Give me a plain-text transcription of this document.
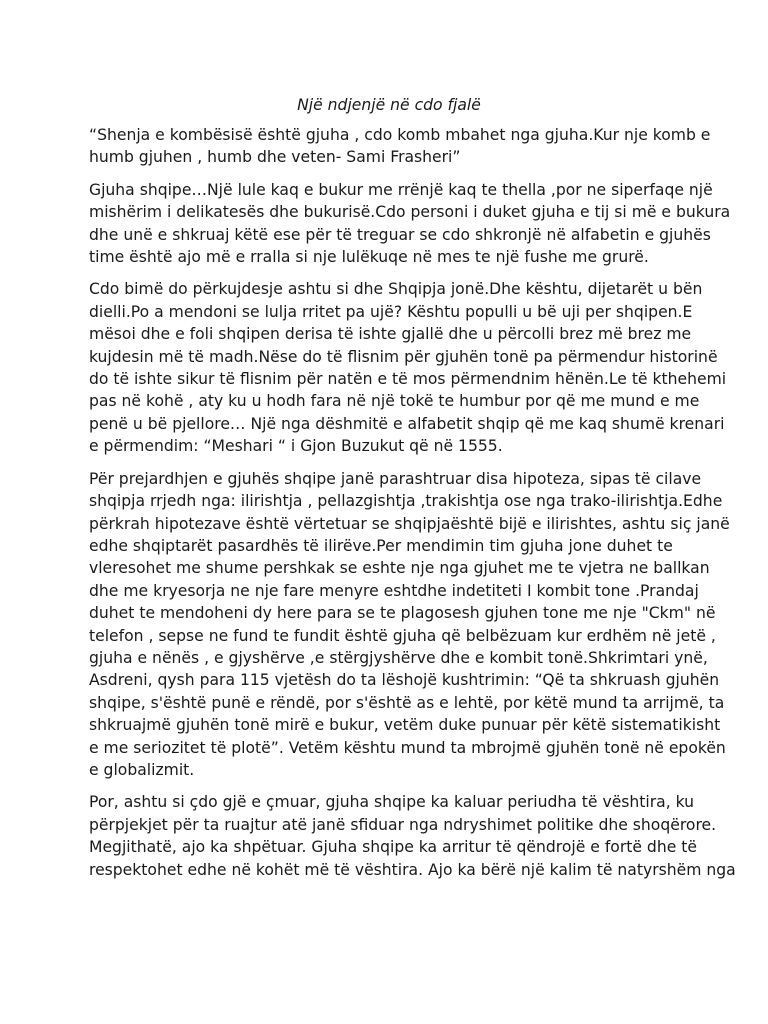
Një ndjenjë në cdo fjalë
“Shenja e kombësisë është gjuha , cdo komb mbahet nga gjuha.Kur nje komb e
humb gjuhen , humb dhe veten- Sami Frasheri”
Gjuha shqipe…Një lule kaq e bukur me rrënjë kaq te thella ,por ne siperfaqe një
mishërim i delikatesës dhe bukurisë.Cdo personi i duket gjuha e tij si më e bukura
dhe unë e shkruaj këtë ese për të treguar se cdo shkronjë në alfabetin e gjuhës
time është ajo më e rralla si nje lulëkuqe në mes te një fushe me grurë.
Cdo bimë do përkujdesje ashtu si dhe Shqipja jonë.Dhe kështu, dijetarët u bën
dielli.Po a mendoni se lulja rritet pa ujë? Kështu populli u bë uji per shqipen.E
mësoi dhe e foli shqipen derisa të ishte gjallë dhe u përcolli brez më brez me
kujdesin më të madh.Nëse do të flisnim për gjuhën tonë pa përmendur historinë
do të ishte sikur të flisnim për natën e të mos përmendnim hënën.Le të kthehemi
pas në kohë , aty ku u hodh fara në një tokë te humbur por që me mund e me
penë u bë pjellore… Një nga dëshmitë e alfabetit shqip që me kaq shumë krenari
e përmendim: “Meshari “ i Gjon Buzukut që në 1555.
Për prejardhjen e gjuhës shqipe janë parashtruar disa hipoteza, sipas të cilave
shqipja rrjedh nga: ilirishtja , pellazgishtja ,trakishtja ose nga trako-ilirishtja.Edhe
përkrah hipotezave është vërtetuar se shqipjaështë bijë e ilirishtes, ashtu siç janë
edhe shqiptarët pasardhës të ilirëve.Per mendimin tim gjuha jone duhet te
vleresohet me shume pershkak se eshte nje nga gjuhet me te vjetra ne ballkan
dhe me kryesorja ne nje fare menyre eshtdhe indetiteti I kombit tone .Prandaj
duhet te mendoheni dy here para se te plagosesh gjuhen tone me nje "Ckm" në
telefon , sepse ne fund te fundit është gjuha që belbëzuam kur erdhëm në jetë ,
gjuha e nënës , e gjyshërve ,e stërgjyshërve dhe e kombit tonë.Shkrimtari ynë,
Asdreni, qysh para 115 vjetësh do ta lëshojë kushtrimin: “Që ta shkruash gjuhën
shqipe, s'është punë e rëndë, por s'është as e lehtë, por këtë mund ta arrijmë, ta
shkruajmë gjuhën tonë mirë e bukur, vetëm duke punuar për këtë sistematikisht
e me seriozitet të plotë”. Vetëm kështu mund ta mbrojmë gjuhën tonë në epokën
e globalizmit.
Por, ashtu si çdo gjë e çmuar, gjuha shqipe ka kaluar periudha të vështira, ku
përpjekjet për ta ruajtur atë janë sfiduar nga ndryshimet politike dhe shoqërore.
Megjithatë, ajo ka shpëtuar. Gjuha shqipe ka arritur të qëndrojë e fortë dhe të
respektohet edhe në kohët më të vështira. Ajo ka bërë një kalim të natyrshëm nga
